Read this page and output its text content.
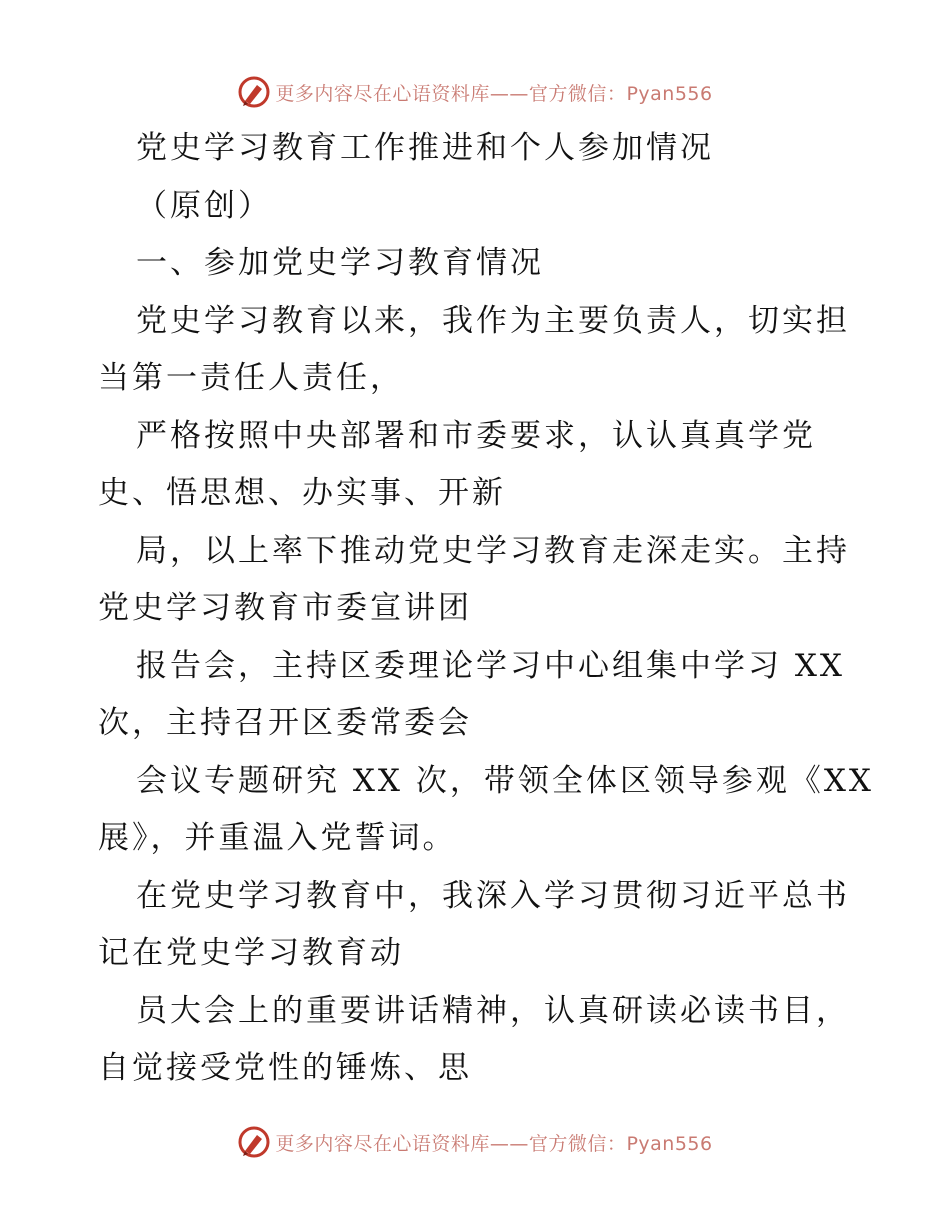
更多内容尽在心语资料库——官方微信：Pyan556
党史学习教育工作推进和个人参加情况
（原创）
一、参加党史学习教育情况
党史学习教育以来，我作为主要负责人，切实担
当第一责任人责任，
严格按照中央部署和市委要求，认认真真学党
史、悟思想、办实事、开新
局，以上率下推动党史学习教育走深走实。主持
党史学习教育市委宣讲团
报告会，主持区委理论学习中心组集中学习 XX
次，主持召开区委常委会
会议专题研究 XX 次，带领全体区领导参观《XX
展》，并重温入党誓词。
在党史学习教育中，我深入学习贯彻习近平总书
记在党史学习教育动
员大会上的重要讲话精神，认真研读必读书目，
自觉接受党性的锤炼、思
更多内容尽在心语资料库——官方微信：Pyan556
